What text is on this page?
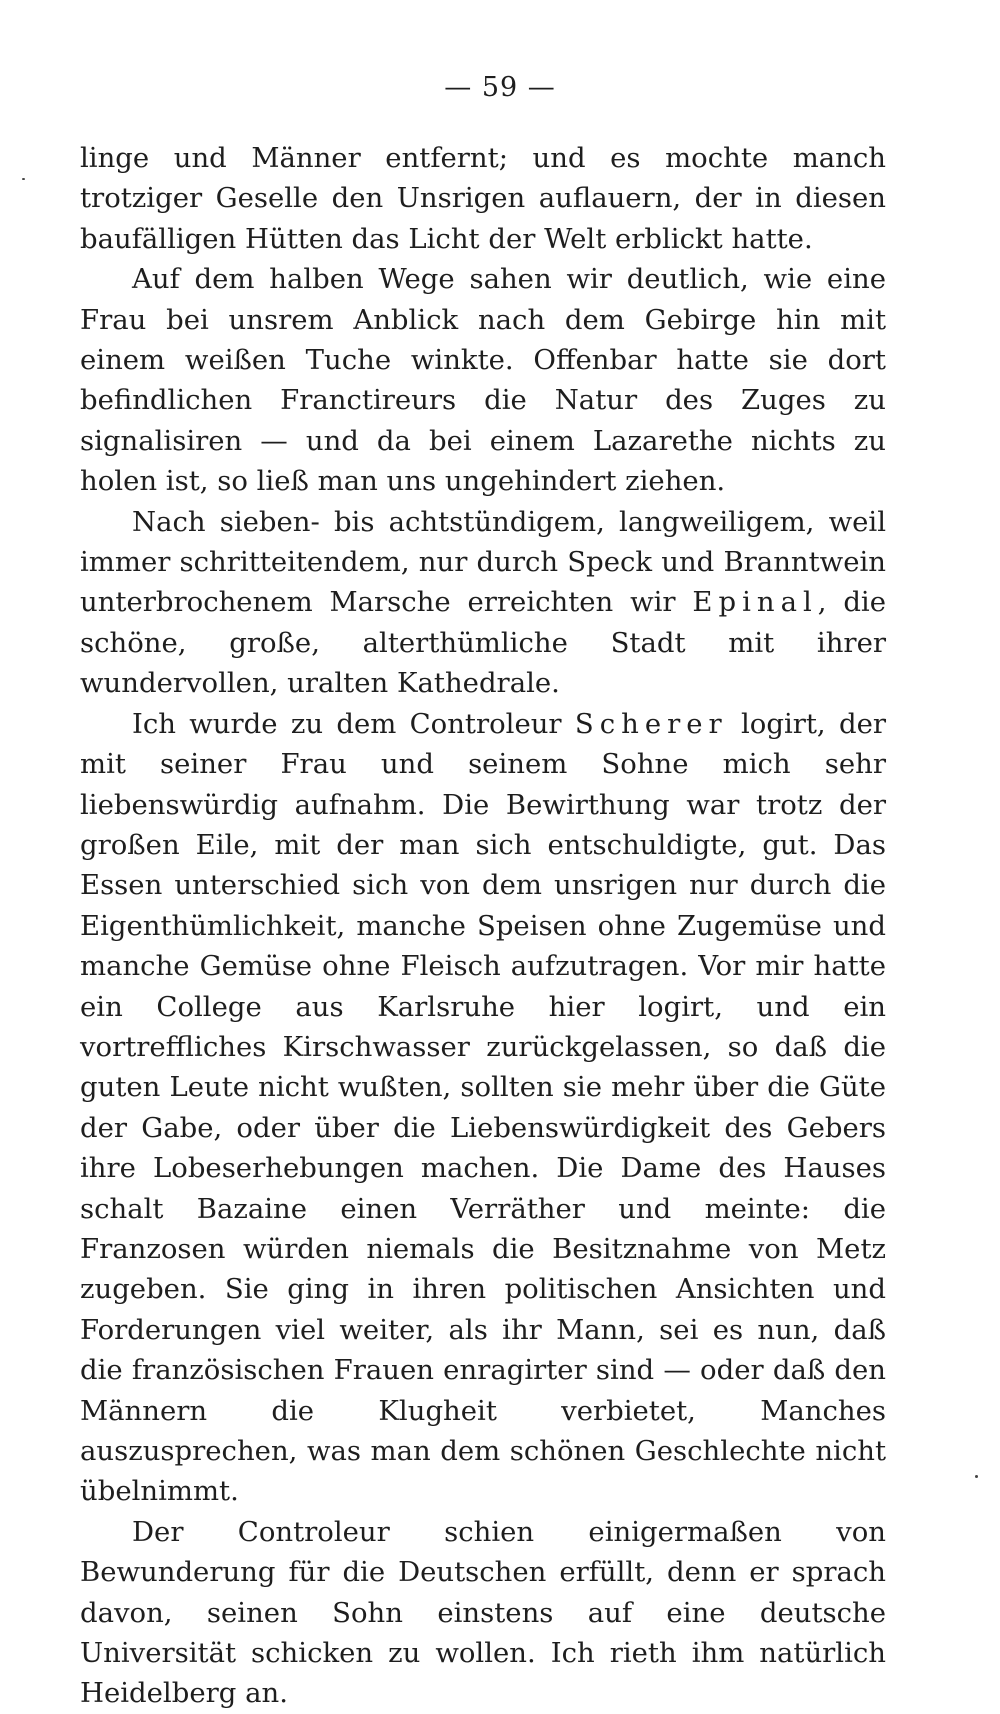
— 59 —

linge und Männer entfernt; und es mochte manch trotziger Geselle den Unsrigen auflauern, der in diesen baufälligen Hütten das Licht der Welt erblickt hatte.

Auf dem halben Wege sahen wir deutlich, wie eine Frau bei unsrem Anblick nach dem Gebirge hin mit einem weißen Tuche winkte. Offenbar hatte sie dort befindlichen Franctireurs die Natur des Zuges zu signalisiren — und da bei einem Lazarethe nichts zu holen ist, so ließ man uns ungehindert ziehen.

Nach sieben- bis achtstündigem, langweiligem, weil immer schritteitendem, nur durch Speck und Branntwein unterbrochenem Marsche erreichten wir Epinal, die schöne, große, alterthümliche Stadt mit ihrer wundervollen, uralten Kathedrale.

Ich wurde zu dem Controleur Scherer logirt, der mit seiner Frau und seinem Sohne mich sehr liebenswürdig aufnahm. Die Bewirthung war trotz der großen Eile, mit der man sich entschuldigte, gut. Das Essen unterschied sich von dem unsrigen nur durch die Eigenthümlichkeit, manche Speisen ohne Zugemüse und manche Gemüse ohne Fleisch aufzutragen. Vor mir hatte ein College aus Karlsruhe hier logirt, und ein vortreffliches Kirschwasser zurückgelassen, so daß die guten Leute nicht wußten, sollten sie mehr über die Güte der Gabe, oder über die Liebenswürdigkeit des Gebers ihre Lobeserhebungen machen. Die Dame des Hauses schalt Bazaine einen Verräther und meinte: die Franzosen würden niemals die Besitznahme von Metz zugeben. Sie ging in ihren politischen Ansichten und Forderungen viel weiter, als ihr Mann, sei es nun, daß die französischen Frauen enragirter sind — oder daß den Männern die Klugheit verbietet, Manches auszusprechen, was man dem schönen Geschlechte nicht übelnimmt.

Der Controleur schien einigermaßen von Bewunderung für die Deutschen erfüllt, denn er sprach davon, seinen Sohn einstens auf eine deutsche Universität schicken zu wollen. Ich rieth ihm natürlich Heidelberg an.
